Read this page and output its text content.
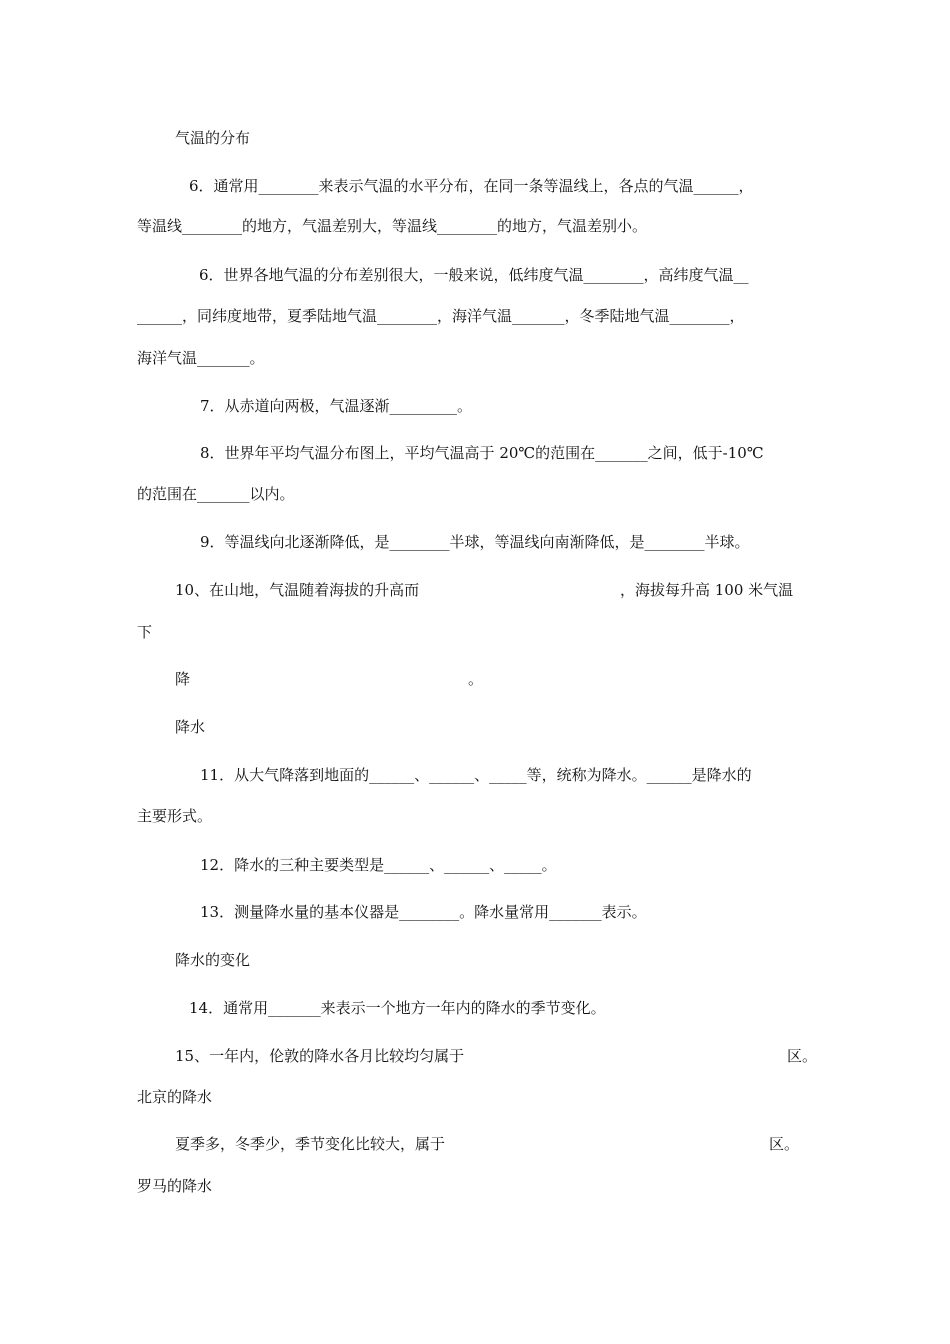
气温的分布
6．通常用________来表示气温的水平分布，在同一条等温线上，各点的气温______，
等温线________的地方，气温差别大，等温线________的地方，气温差别小。
6．世界各地气温的分布差别很大，一般来说，低纬度气温________，高纬度气温__
______，同纬度地带，夏季陆地气温________，海洋气温_______，冬季陆地气温________，
海洋气温_______。
7．从赤道向两极，气温逐渐_________。
8．世界年平均气温分布图上，平均气温高于 20℃的范围在_______之间，低于-10℃
的范围在_______以内。
9．等温线向北逐渐降低，是________半球，等温线向南渐降低，是________半球。
10、在山地，气温随着海拔的升高而	，海拔每升高 100 米气温
下
降	。
降水
11．从大气降落到地面的______、______、_____等，统称为降水。______是降水的
主要形式。
12．降水的三种主要类型是______、______、_____。
13．测量降水量的基本仪器是________。降水量常用_______表示。
降水的变化
14．通常用_______来表示一个地方一年内的降水的季节变化。
15、一年内，伦敦的降水各月比较均匀属于	区。
北京的降水
夏季多，冬季少，季节变化比较大，属于	区。
罗马的降水
